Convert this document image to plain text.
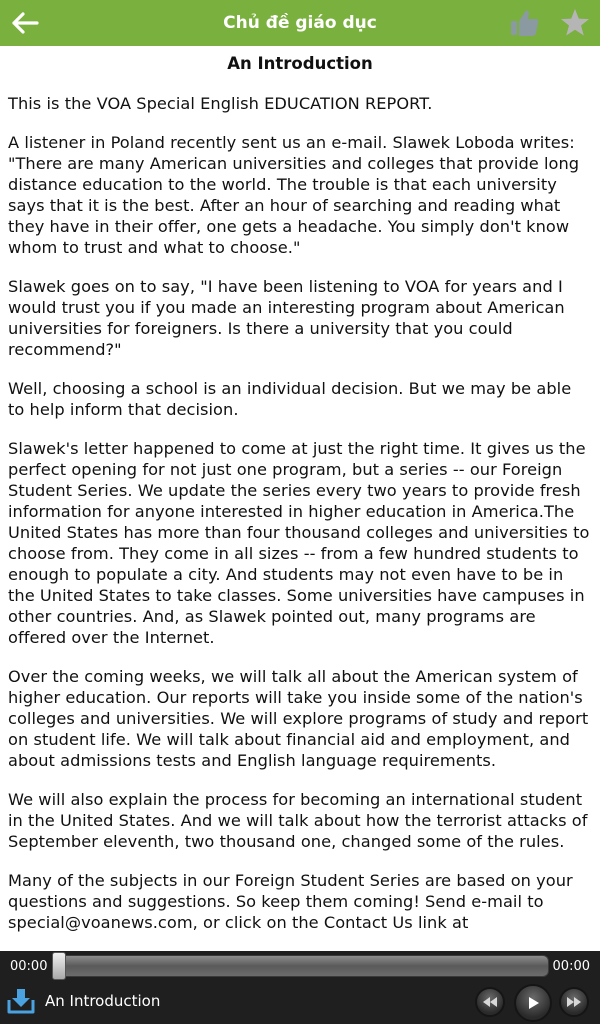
Chủ đề giáo dục
An Introduction

This is the VOA Special English EDUCATION REPORT.

A listener in Poland recently sent us an e-mail. Slawek Loboda writes: "There are many American universities and colleges that provide long distance education to the world. The trouble is that each university says that it is the best. After an hour of searching and reading what they have in their offer, one gets a headache. You simply don't know whom to trust and what to choose."

Slawek goes on to say, "I have been listening to VOA for years and I would trust you if you made an interesting program about American universities for foreigners. Is there a university that you could recommend?"

Well, choosing a school is an individual decision. But we may be able to help inform that decision.

Slawek's letter happened to come at just the right time. It gives us the perfect opening for not just one program, but a series -- our Foreign Student Series. We update the series every two years to provide fresh information for anyone interested in higher education in America.The United States has more than four thousand colleges and universities to choose from. They come in all sizes -- from a few hundred students to enough to populate a city. And students may not even have to be in the United States to take classes. Some universities have campuses in other countries. And, as Slawek pointed out, many programs are offered over the Internet.

Over the coming weeks, we will talk all about the American system of higher education. Our reports will take you inside some of the nation's colleges and universities. We will explore programs of study and report on student life. We will talk about financial aid and employment, and about admissions tests and English language requirements.

We will also explain the process for becoming an international student in the United States. And we will talk about how the terrorist attacks of September eleventh, two thousand one, changed some of the rules.

Many of the subjects in our Foreign Student Series are based on your questions and suggestions. So keep them coming! Send e-mail to special@voanews.com, or click on the Contact Us link at

00:00	00:00
An Introduction
